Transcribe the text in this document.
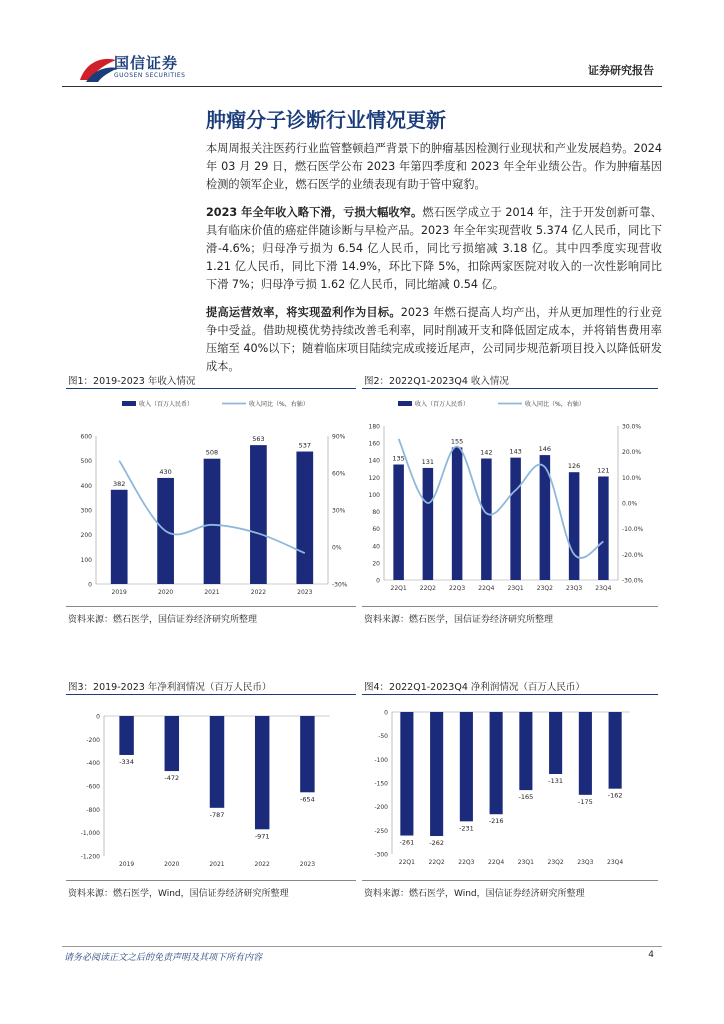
国信证券
GUOSEN SECURITIES	证券研究报告
肿瘤分子诊断行业情况更新
本周周报关注医药行业监管整顿趋严背景下的肿瘤基因检测行业现状和产业发展趋势。2024 年 03 月 29 日，燃石医学公布 2023 年第四季度和 2023 年全年业绩公告。作为肿瘤基因检测的领军企业，燃石医学的业绩表现有助于管中窥豹。
2023 年全年收入略下滑，亏损大幅收窄。燃石医学成立于 2014 年，注于开发创新可靠、具有临床价值的癌症伴随诊断与早检产品。2023 年全年实现营收 5.374 亿人民币，同比下滑-4.6%；归母净亏损为 6.54 亿人民币，同比亏损缩减 3.18 亿。其中四季度实现营收 1.21 亿人民币，同比下滑 14.9%，环比下降 5%，扣除两家医院对收入的一次性影响同比下滑 7%；归母净亏损 1.62 亿人民币，同比缩减 0.54 亿。
提高运营效率，将实现盈利作为目标。2023 年燃石提高人均产出，并从更加理性的行业竞争中受益。借助规模优势持续改善毛利率，同时削减开支和降低固定成本，并将销售费用率压缩至 40%以下；随着临床项目陆续完成或接近尾声，公司同步规范新项目投入以降低研发成本。
图1：2019-2023 年收入情况
0
100
200
300
400
500
600
-30%
0%
30%
60%
90%
382
2019
430
2020
508
2021
563
2022
537
2023
收入（百万人民币）	收入同比（%，右轴）
资料来源：燃石医学，国信证券经济研究所整理
图2：2022Q1-2023Q4 收入情况
0
20
40
60
80
100
120
140
160
180
-30.0%
-20.0%
-10.0%
0.0%
10.0%
20.0%
30.0%
135
22Q1
131
22Q2
155
22Q3
142
22Q4
143
23Q1
146
23Q2
126
23Q3
121
23Q4
收入（百万人民币）	收入同比（%，右轴）
资料来源：燃石医学，国信证券经济研究所整理
图3：2019-2023 年净利润情况（百万人民币）
0
-200
-400
-600
-800
-1,000
-1,200
-334
2019
-472
2020
-787
2021
-971
2022
-654
2023
资料来源：燃石医学，Wind，国信证券经济研究所整理
图4：2022Q1-2023Q4 净利润情况（百万人民币）
0
-50
-100
-150
-200
-250
-300
-261
22Q1
-262
22Q2
-231
22Q3
-216
22Q4
-165
23Q1
-131
23Q2
-175
23Q3
-162
23Q4
资料来源：燃石医学，Wind，国信证券经济研究所整理
请务必阅读正文之后的免责声明及其项下所有内容	4
